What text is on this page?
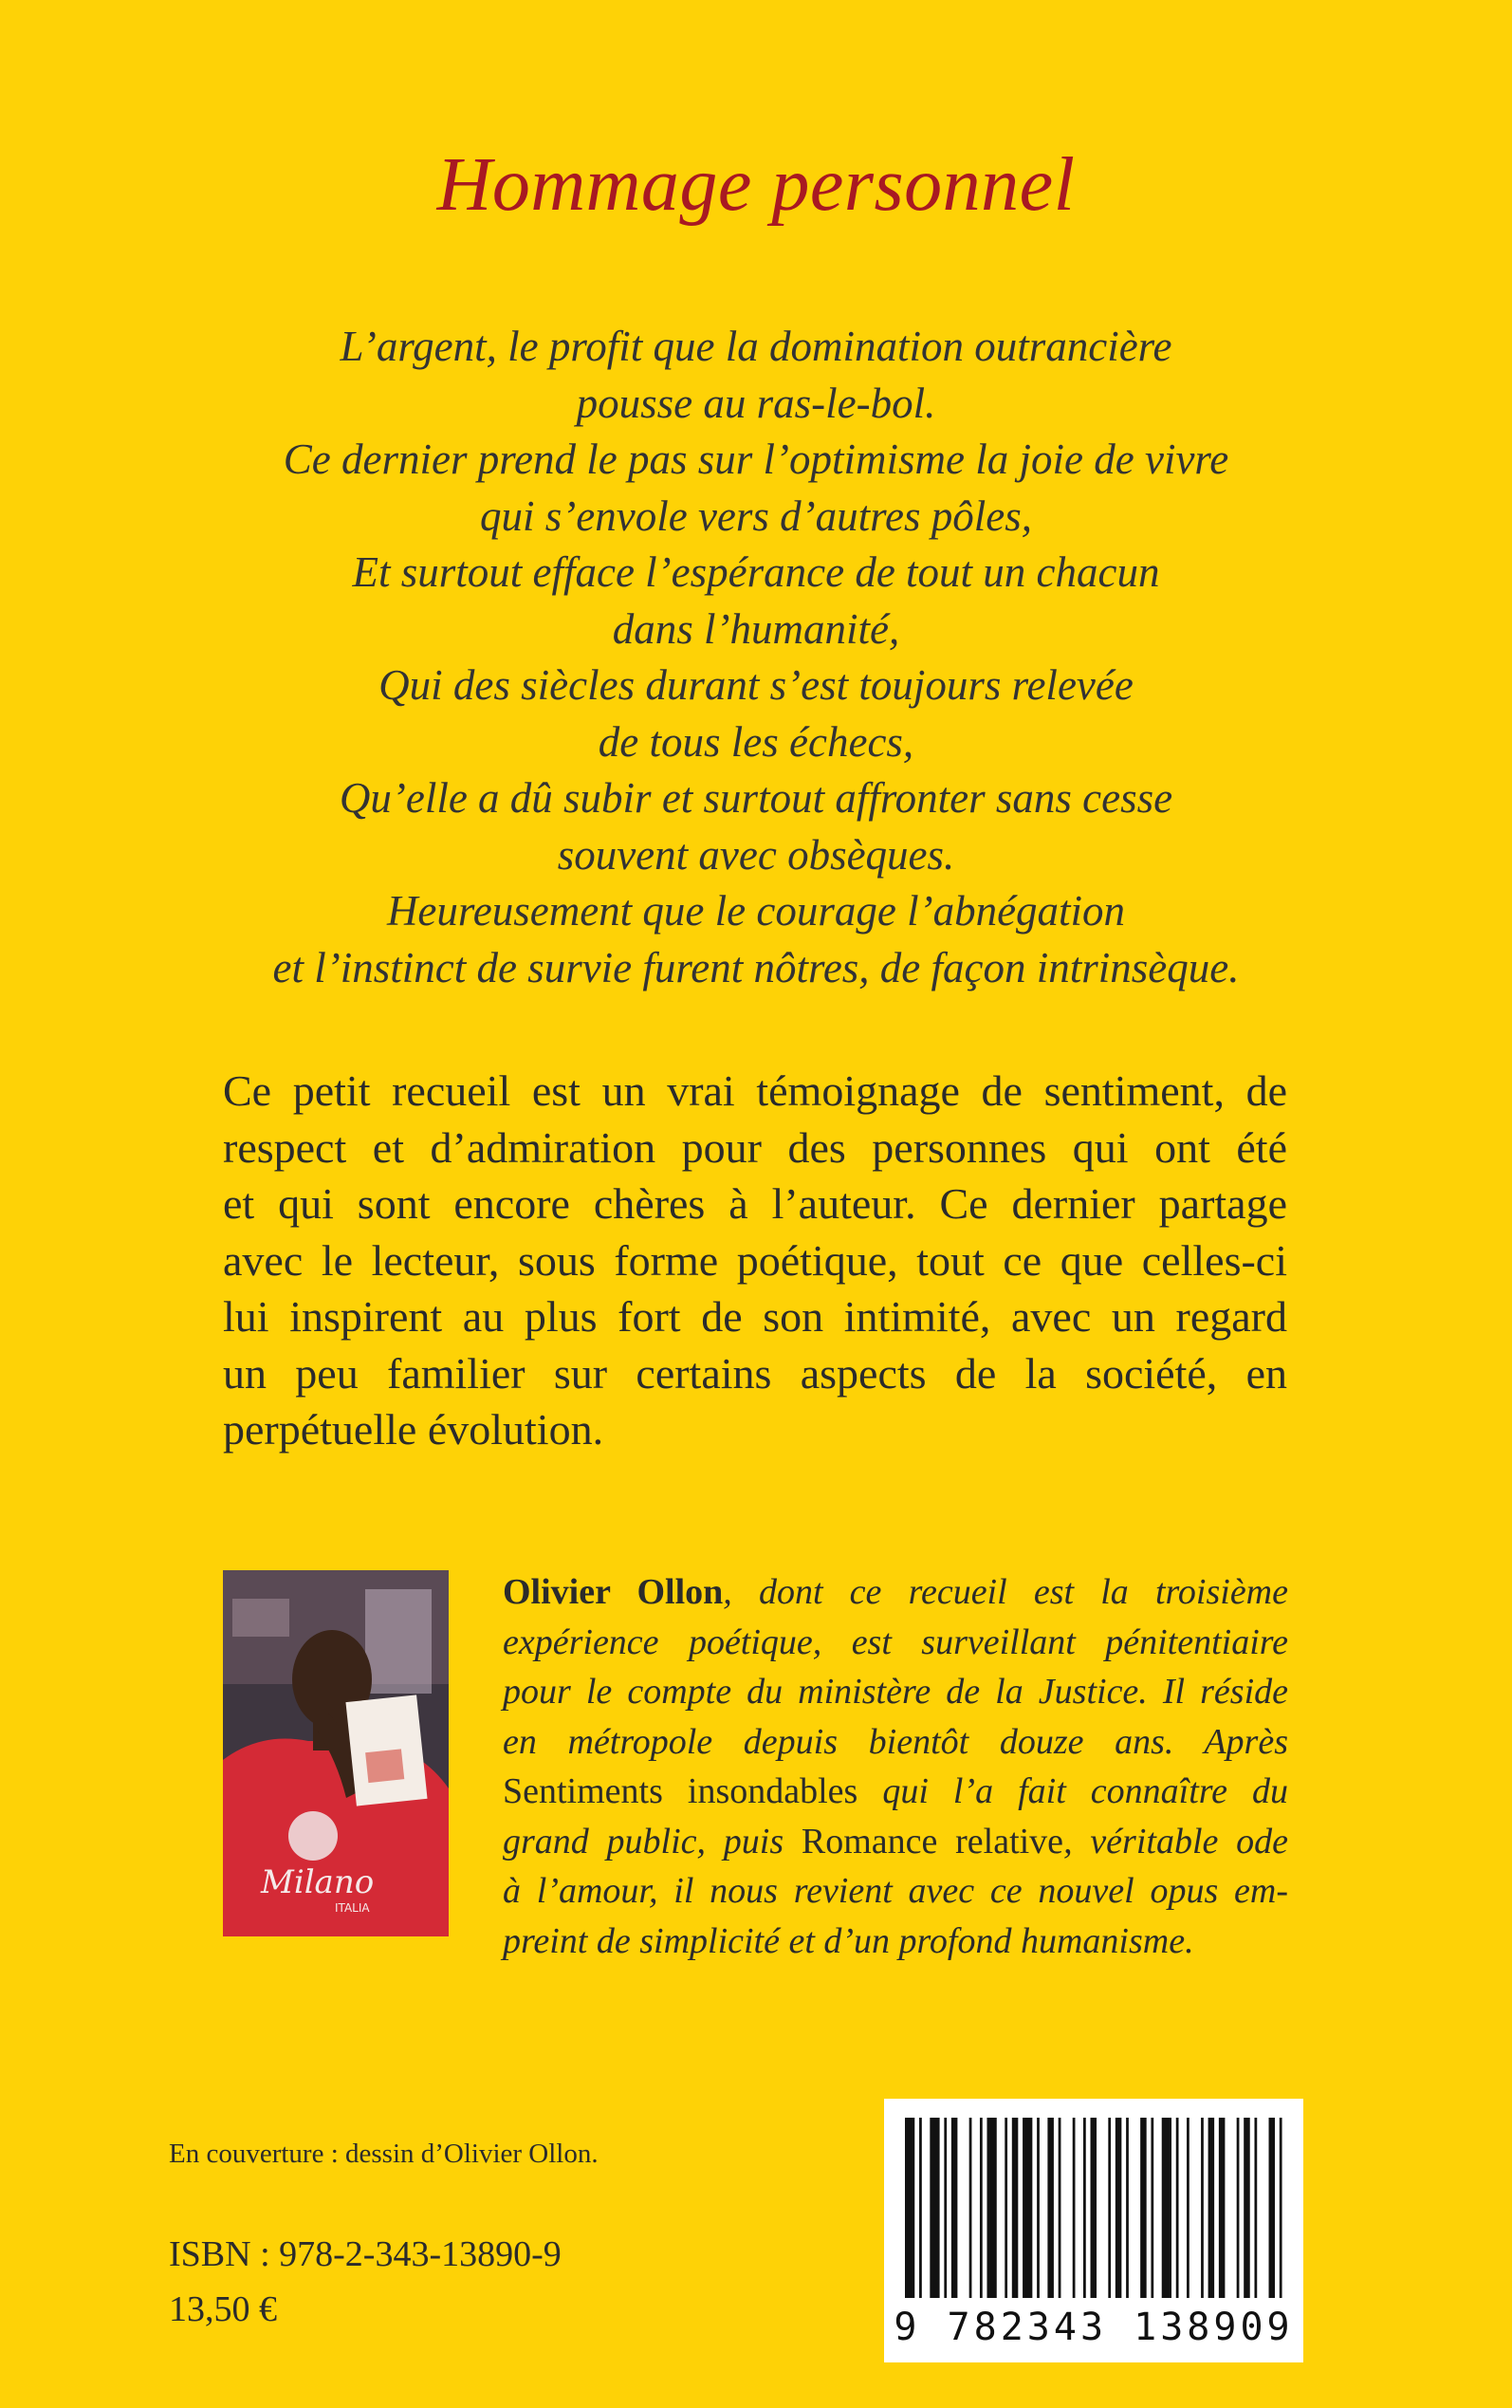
Hommage personnel
L’argent, le profit que la domination outrancière
pousse au ras-le-bol.
Ce dernier prend le pas sur l’optimisme la joie de vivre
qui s’envole vers d’autres pôles,
Et surtout efface l’espérance de tout un chacun
dans l’humanité,
Qui des siècles durant s’est toujours relevée
de tous les échecs,
Qu’elle a dû subir et surtout affronter sans cesse
souvent avec obsèques.
Heureusement que le courage l’abnégation
et l’instinct de survie furent nôtres, de façon intrinsèque.
Ce petit recueil est un vrai témoignage de sentiment, de
respect et d’admiration pour des personnes qui ont été
et qui sont encore chères à l’auteur. Ce dernier partage
avec le lecteur, sous forme poétique, tout ce que celles-ci
lui inspirent au plus fort de son intimité, avec un regard
un peu familier sur certains aspects de la société, en
perpétuelle évolution.
Milano
ITALIA
Olivier Ollon, dont ce recueil est la troisième
expérience poétique, est surveillant pénitentiaire
pour le compte du ministère de la Justice. Il réside
en métropole depuis bientôt douze ans. Après
Sentiments insondables qui l’a fait connaître du
grand public, puis Romance relative, véritable ode
à l’amour, il nous revient avec ce nouvel opus em-
preint de simplicité et d’un profond humanisme.
En couverture : dessin d’Olivier Ollon.
ISBN : 978-2-343-13890-9
13,50 €	9 782343 138909
